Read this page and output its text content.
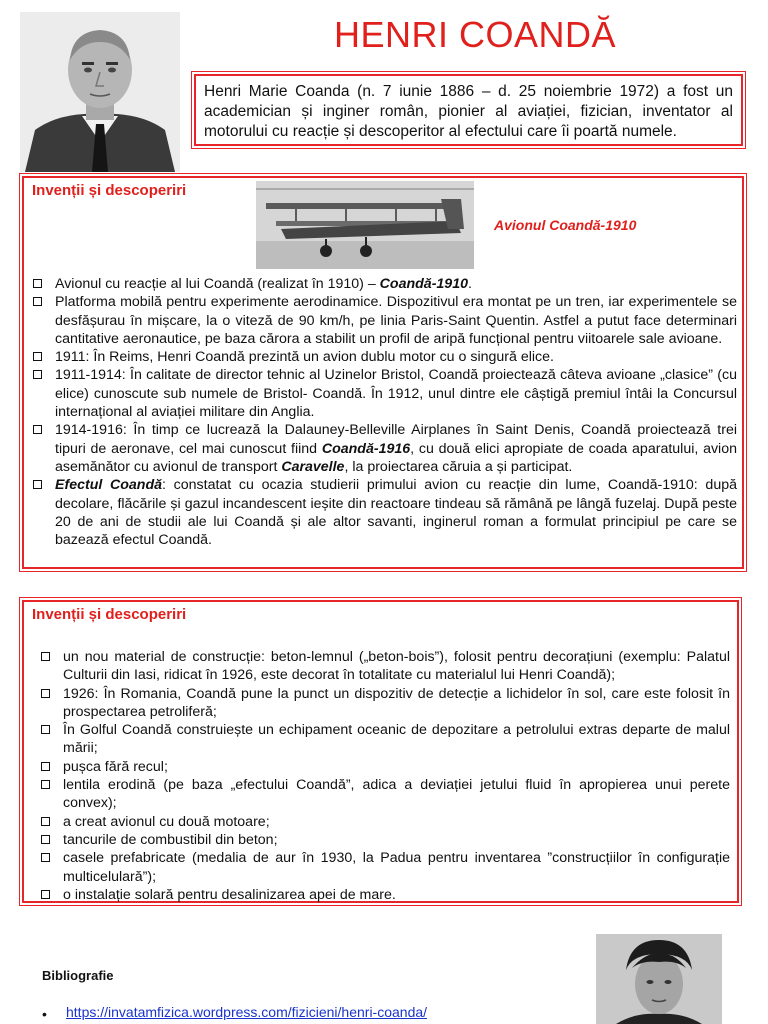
HENRI COANDĂ
Henri Marie Coanda (n. 7 iunie 1886 – d. 25 noiembrie 1972) a fost un academician și inginer român, pionier al aviației, fizician, inventator al motorului cu reacție și descoperitor al efectului care îi poartă numele.
Invenții și descoperiri
Avionul Coandă-1910
Avionul cu reacție al lui Coandă (realizat în 1910) – Coandă-1910.
Platforma mobilă pentru experimente aerodinamice. Dispozitivul era montat pe un tren, iar experimentele se desfășurau în mișcare, la o viteză de 90 km/h, pe linia Paris-Saint Quentin. Astfel a putut face determinari cantitative aeronautice, pe baza cărora a stabilit un profil de aripă funcțional pentru viitoarele sale avioane.
1911: În Reims, Henri Coandă prezintă un avion dublu motor cu o singură elice.
1911-1914: În calitate de director tehnic al Uzinelor Bristol, Coandă proiectează câteva avioane „clasice” (cu elice) cunoscute sub numele de Bristol- Coandă. În 1912, unul dintre ele câștigă premiul întâi la Concursul internațional al aviației militare din Anglia.
1914-1916: În timp ce lucrează la Dalauney-Belleville Airplanes în Saint Denis, Coandă proiectează trei tipuri de aeronave, cel mai cunoscut fiind Coandă-1916, cu două elici apropiate de coada aparatului, avion asemănător cu avionul de transport Caravelle, la proiectarea căruia a și participat.
Efectul Coandă: constatat cu ocazia studierii primului avion cu reacție din lume, Coandă-1910: după decolare, flăcările și gazul incandescent ieșite din reactoare tindeau să rămână pe lângă fuzelaj. După peste 20 de ani de studii ale lui Coandă și ale altor savanti, inginerul roman a formulat principiul pe care se bazează efectul Coandă.
Invenții și descoperiri
un nou material de construcție: beton-lemnul („beton-bois”), folosit pentru decorațiuni (exemplu: Palatul Culturii din Iasi, ridicat în 1926, este decorat în totalitate cu materialul lui Henri Coandă);
1926: În Romania, Coandă pune la punct un dispozitiv de detecție a lichidelor în sol, care este folosit în prospectarea petroliferă;
În Golful Coandă construiește un echipament oceanic de depozitare a petrolului extras departe de malul mării;
pușca fără recul;
lentila erodină (pe baza „efectului Coandă”, adica a deviației jetului fluid în apropierea unui perete convex);
a creat avionul cu două motoare;
tancurile de combustibil din beton;
casele prefabricate (medalia de aur în 1930, la Padua pentru inventarea ”construcțiilor în configurație multicelulară”);
o instalație solară pentru desalinizarea apei de mare.
Bibliografie
• https://invatamfizica.wordpress.com/fizicieni/henri-coanda/
